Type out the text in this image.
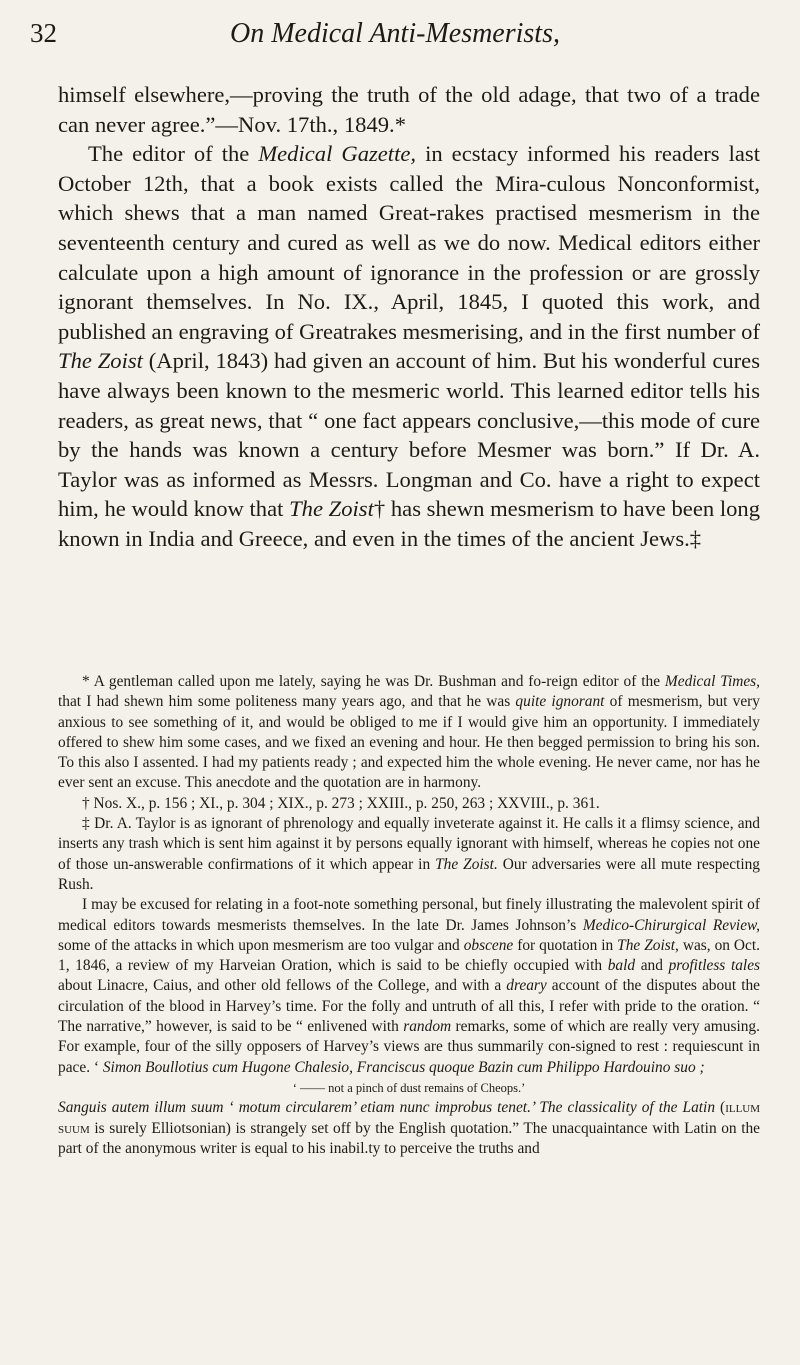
32	On Medical Anti-Mesmerists,

himself elsewhere,—proving the truth of the old adage, that two of a trade can never agree.”—Nov. 17th., 1849.*

The editor of the Medical Gazette, in ecstacy informed his readers last October 12th, that a book exists called the Mira-culous Nonconformist, which shews that a man named Great-rakes practised mesmerism in the seventeenth century and cured as well as we do now. Medical editors either calculate upon a high amount of ignorance in the profession or are grossly ignorant themselves. In No. IX., April, 1845, I quoted this work, and published an engraving of Greatrakes mesmerising, and in the first number of The Zoist (April, 1843) had given an account of him. But his wonderful cures have always been known to the mesmeric world. This learned editor tells his readers, as great news, that “ one fact appears conclusive,—this mode of cure by the hands was known a century before Mesmer was born.” If Dr. A. Taylor was as informed as Messrs. Longman and Co. have a right to expect him, he would know that The Zoist† has shewn mesmerism to have been long known in India and Greece, and even in the times of the ancient Jews.‡

* A gentleman called upon me lately, saying he was Dr. Bushman and fo-reign editor of the Medical Times, that I had shewn him some politeness many years ago, and that he was quite ignorant of mesmerism, but very anxious to see something of it, and would be obliged to me if I would give him an opportunity. I immediately offered to shew him some cases, and we fixed an evening and hour. He then begged permission to bring his son. To this also I assented. I had my patients ready ; and expected him the whole evening. He never came, nor has he ever sent an excuse. This anecdote and the quotation are in harmony.

† Nos. X., p. 156 ; XI., p. 304 ; XIX., p. 273 ; XXIII., p. 250, 263 ; XXVIII., p. 361.

‡ Dr. A. Taylor is as ignorant of phrenology and equally inveterate against it. He calls it a flimsy science, and inserts any trash which is sent him against it by persons equally ignorant with himself, whereas he copies not one of those un-answerable confirmations of it which appear in The Zoist. Our adversaries were all mute respecting Rush.

I may be excused for relating in a foot-note something personal, but finely illustrating the malevolent spirit of medical editors towards mesmerists themselves. In the late Dr. James Johnson’s Medico-Chirurgical Review, some of the attacks in which upon mesmerism are too vulgar and obscene for quotation in The Zoist, was, on Oct. 1, 1846, a review of my Harveian Oration, which is said to be chiefly occupied with bald and profitless tales about Linacre, Caius, and other old fellows of the College, and with a dreary account of the disputes about the circulation of the blood in Harvey’s time. For the folly and untruth of all this, I refer with pride to the oration. “ The narrative,” however, is said to be “ enlivened with random remarks, some of which are really very amusing. For example, four of the silly opposers of Harvey’s views are thus summarily con-signed to rest : requiescunt in pace. ‘ Simon Boullotius cum Hugone Chalesio, Franciscus quoque Bazin cum Philippo Hardouino suo ;

‘ —— not a pinch of dust remains of Cheops.’

Sanguis autem illum suum ‘ motum circularem’ etiam nunc improbus tenet.’ The classicality of the Latin (illum suum is surely Elliotsonian) is strangely set off by the English quotation.” The unacquaintance with Latin on the part of the anonymous writer is equal to his inabil.ty to perceive the truths and
